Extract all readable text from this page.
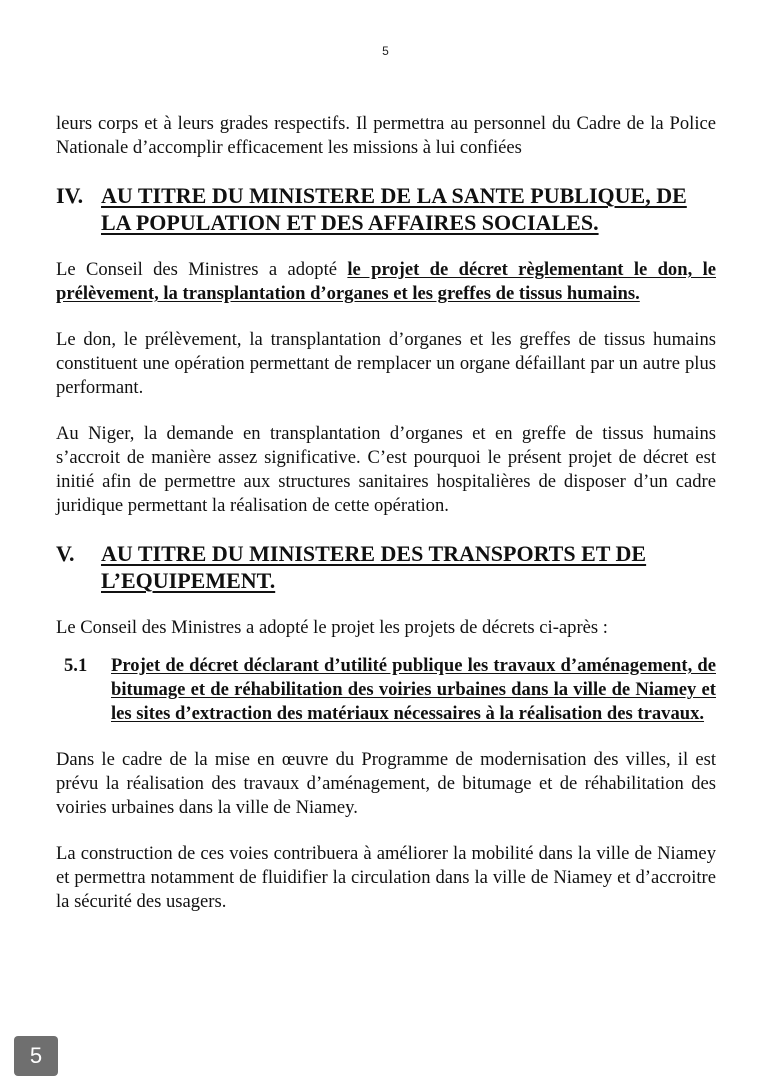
5

leurs corps et à leurs grades respectifs. Il permettra au personnel du Cadre de la Police Nationale d’accomplir efficacement les missions à lui confiées

IV. AU TITRE DU MINISTERE DE LA SANTE PUBLIQUE, DE LA POPULATION ET DES AFFAIRES SOCIALES.

Le Conseil des Ministres a adopté le projet de décret règlementant le don, le prélèvement, la transplantation d’organes et les greffes de tissus humains.

Le don, le prélèvement, la transplantation d’organes et les greffes de tissus humains constituent une opération permettant de remplacer un organe défaillant par un autre plus performant.

Au Niger, la demande en transplantation d’organes et en greffe de tissus humains s’accroit de manière assez significative. C’est pourquoi le présent projet de décret est initié afin de permettre aux structures sanitaires hospitalières de disposer d’un cadre juridique permettant la réalisation de cette opération.

V.	AU TITRE DU MINISTERE DES TRANSPORTS ET DE L’EQUIPEMENT.

Le Conseil des Ministres a adopté le projet les projets de décrets ci-après :

5.1	Projet de décret déclarant d’utilité publique les travaux d’aménagement, de bitumage et de réhabilitation des voiries urbaines dans la ville de Niamey et les sites d’extraction des matériaux nécessaires à la réalisation des travaux.

Dans le cadre de la mise en œuvre du Programme de modernisation des villes, il est prévu la réalisation des travaux d’aménagement, de bitumage et de réhabilitation des voiries urbaines dans la ville de Niamey.

La construction de ces voies contribuera à améliorer la mobilité dans la ville de Niamey et permettra notamment de fluidifier la circulation dans la ville de Niamey et d’accroitre la sécurité des usagers.

5
